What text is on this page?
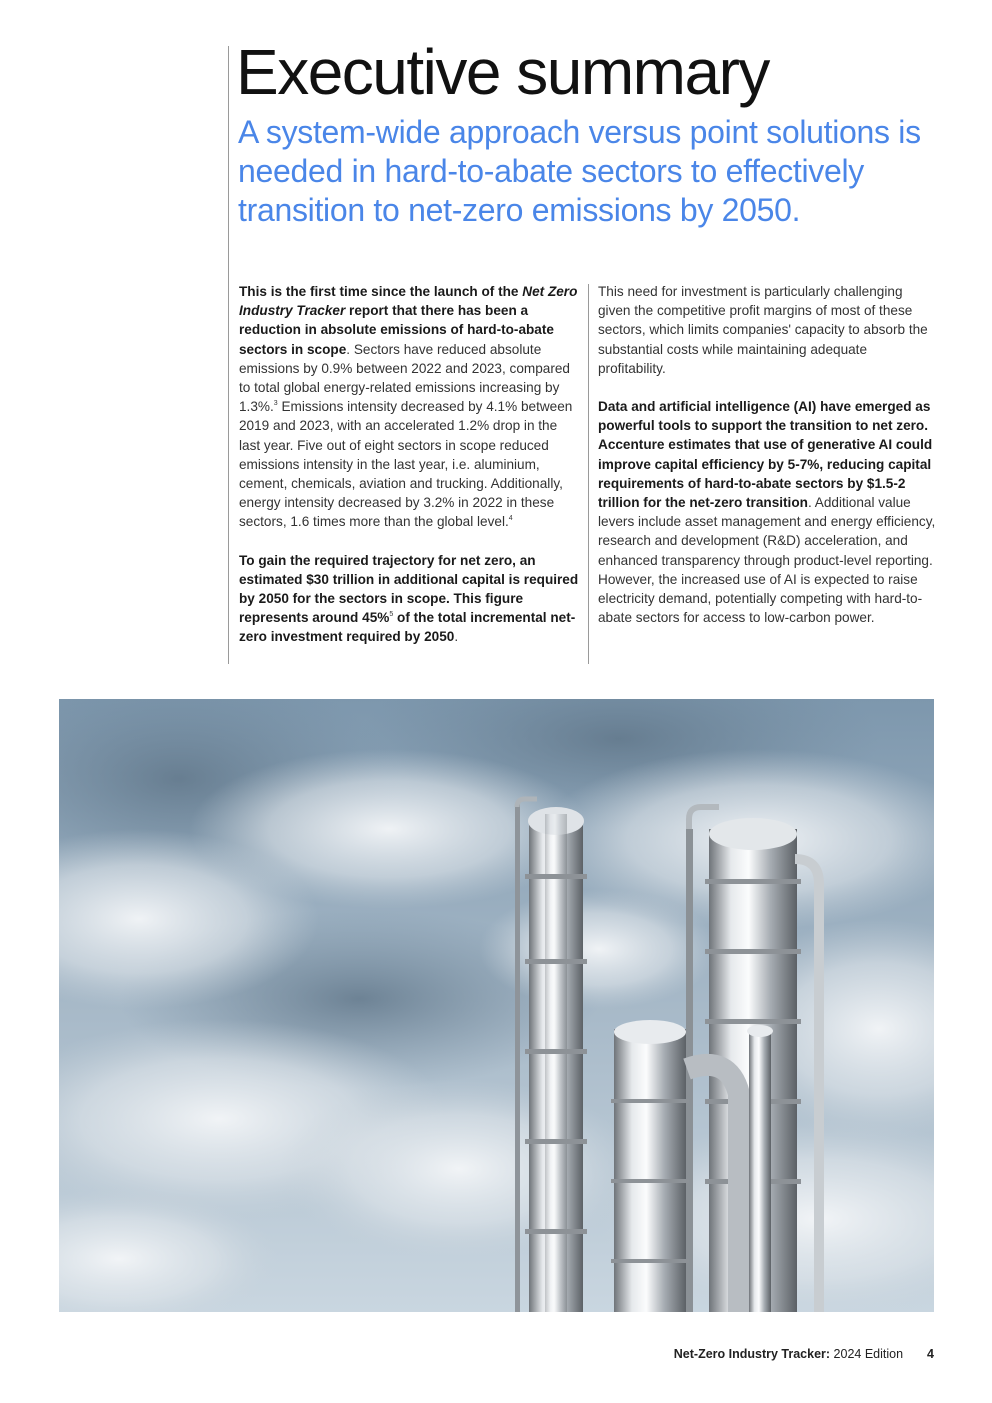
Executive summary

A system-wide approach versus point solutions is needed in hard-to-abate sectors to effectively transition to net-zero emissions by 2050.

This is the first time since the launch of the Net Zero Industry Tracker report that there has been a reduction in absolute emissions of hard-to-abate sectors in scope. Sectors have reduced absolute emissions by 0.9% between 2022 and 2023, compared to total global energy-related emissions increasing by 1.3%.$^3$ Emissions intensity decreased by 4.1% between 2019 and 2023, with an accelerated 1.2% drop in the last year. Five out of eight sectors in scope reduced emissions intensity in the last year, i.e. aluminium, cement, chemicals, aviation and trucking. Additionally, energy intensity decreased by 3.2% in 2022 in these sectors, 1.6 times more than the global level.$^4$

To gain the required trajectory for net zero, an estimated $30 trillion in additional capital is required by 2050 for the sectors in scope. This figure represents around 45%$^5$ of the total incremental net-zero investment required by 2050.

This need for investment is particularly challenging given the competitive profit margins of most of these sectors, which limits companies' capacity to absorb the substantial costs while maintaining adequate profitability.

Data and artificial intelligence (AI) have emerged as powerful tools to support the transition to net zero. Accenture estimates that use of generative AI could improve capital efficiency by 5-7%, reducing capital requirements of hard-to-abate sectors by $1.5-2 trillion for the net-zero transition. Additional value levers include asset management and energy efficiency, research and development (R&D) acceleration, and enhanced transparency through product-level reporting. However, the increased use of AI is expected to raise electricity demand, potentially competing with hard-to-abate sectors for access to low-carbon power.

Net-Zero Industry Tracker: 2024 Edition 4
